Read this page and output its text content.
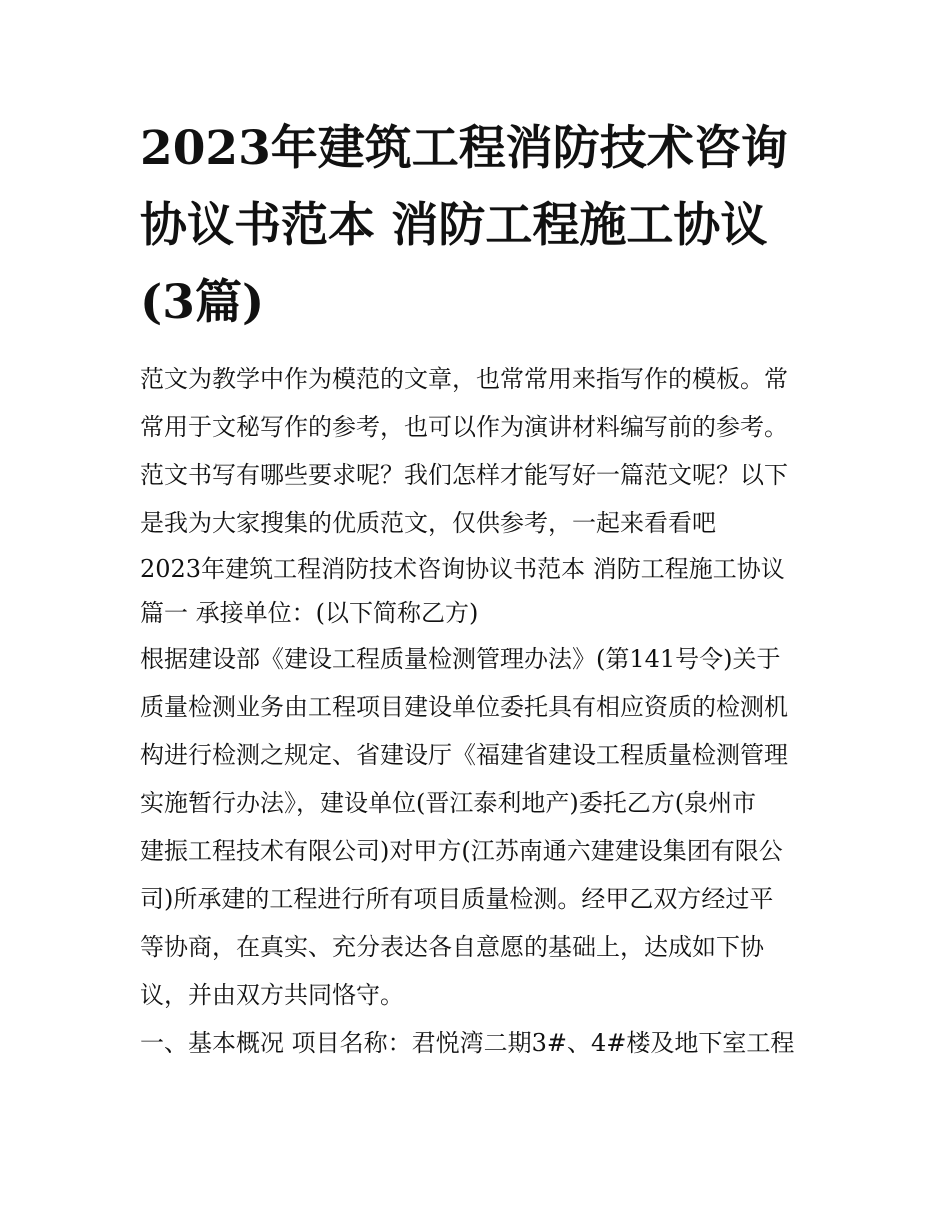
2023年建筑工程消防技术咨询
协议书范本 消防工程施工协议
(3篇)
范文为教学中作为模范的文章，也常常用来指写作的模板。常
常用于文秘写作的参考，也可以作为演讲材料编写前的参考。
范文书写有哪些要求呢？我们怎样才能写好一篇范文呢？以下
是我为大家搜集的优质范文，仅供参考，一起来看看吧
2023年建筑工程消防技术咨询协议书范本 消防工程施工协议
篇一 承接单位：(以下简称乙方)
根据建设部《建设工程质量检测管理办法》(第141号令)关于
质量检测业务由工程项目建设单位委托具有相应资质的检测机
构进行检测之规定、省建设厅《福建省建设工程质量检测管理
实施暂行办法》，建设单位(晋江泰利地产)委托乙方(泉州市
建振工程技术有限公司)对甲方(江苏南通六建建设集团有限公
司)所承建的工程进行所有项目质量检测。经甲乙双方经过平
等协商，在真实、充分表达各自意愿的基础上，达成如下协
议，并由双方共同恪守。
一、基本概况 项目名称：君悦湾二期3#、4#楼及地下室工程
